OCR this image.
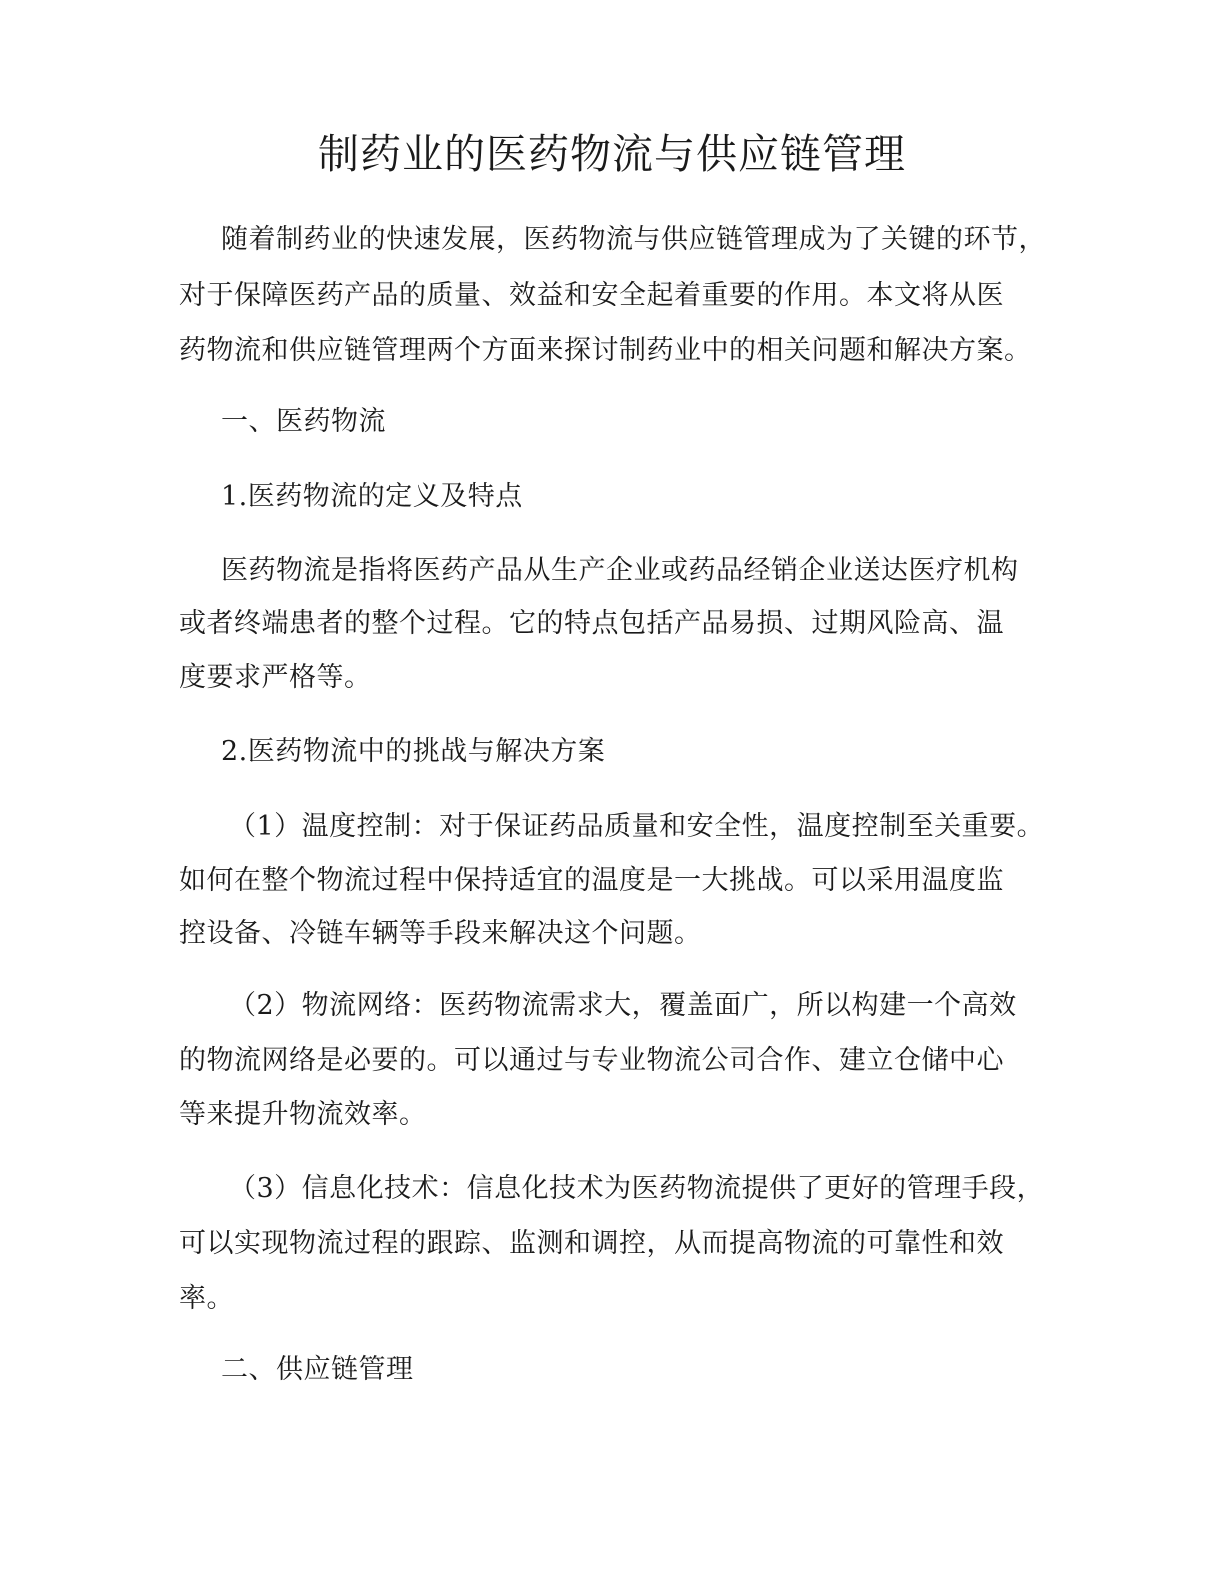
制药业的医药物流与供应链管理
随着制药业的快速发展，医药物流与供应链管理成为了关键的环节，
对于保障医药产品的质量、效益和安全起着重要的作用。本文将从医
药物流和供应链管理两个方面来探讨制药业中的相关问题和解决方案。
一、医药物流
1.医药物流的定义及特点
医药物流是指将医药产品从生产企业或药品经销企业送达医疗机构
或者终端患者的整个过程。它的特点包括产品易损、过期风险高、温
度要求严格等。
2.医药物流中的挑战与解决方案
（1）温度控制：对于保证药品质量和安全性，温度控制至关重要。
如何在整个物流过程中保持适宜的温度是一大挑战。可以采用温度监
控设备、冷链车辆等手段来解决这个问题。
（2）物流网络：医药物流需求大，覆盖面广，所以构建一个高效
的物流网络是必要的。可以通过与专业物流公司合作、建立仓储中心
等来提升物流效率。
（3）信息化技术：信息化技术为医药物流提供了更好的管理手段，
可以实现物流过程的跟踪、监测和调控，从而提高物流的可靠性和效
率。
二、供应链管理
